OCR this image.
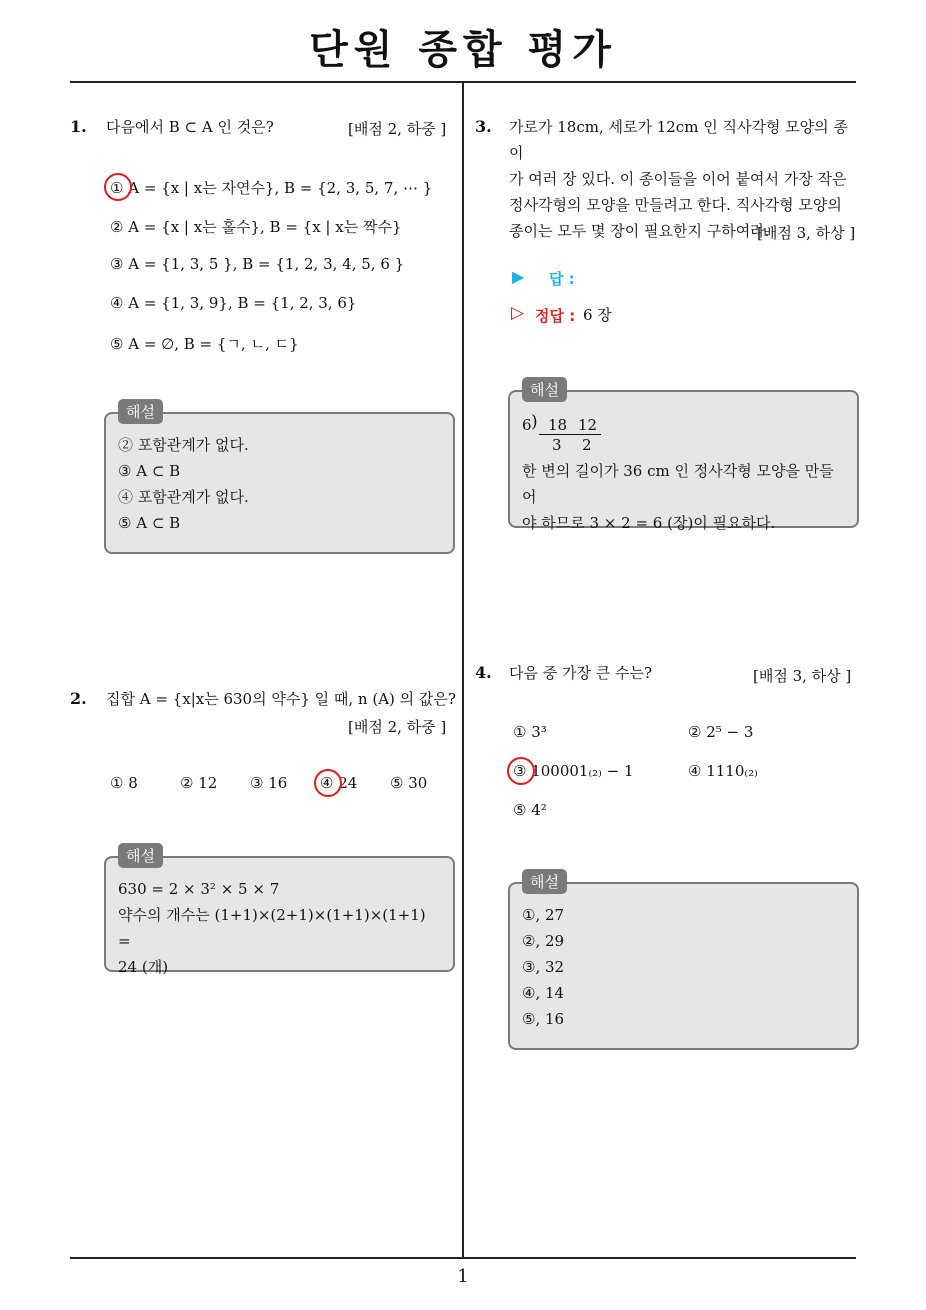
단원 종합 평가
1
1. 다음에서 B ⊂ A 인 것은?	[배점 2, 하중 ]
① A = {x | x는 자연수}, B = {2, 3, 5, 7, ⋯ }
② A = {x | x는 홀수}, B = {x | x는 짝수}
③ A = {1, 3, 5 }, B = {1, 2, 3, 4, 5, 6 }
④ A = {1, 3, 9}, B = {1, 2, 3, 6}
⑤ A = ∅, B = {ㄱ, ㄴ, ㄷ}
② 포함관계가 없다.
③ A ⊂ B
④ 포함관계가 없다.
⑤ A ⊂ B
해설
2. 집합 A = {x|x는 630의 약수} 일 때, n (A) 의 값은?
[배점 2, 하중 ]
① 8	② 12 ③ 16 ④ 24 ⑤ 30
630 = 2 × 3² × 5 × 7
약수의 개수는 (1+1)×(2+1)×(1+1)×(1+1) =
24 (개)
해설
3. 가로가 18cm, 세로가 12cm 인 직사각형 모양의 종이
가 여러 장 있다. 이 종이들을 이어 붙여서 가장 작은
정사각형의 모양을 만들려고 한다. 직사각형 모양의
종이는 모두 몇 장이 필요한지 구하여라.
[배점 3, 하상 ]
▶ 답 :
▷ 정답 : 6 장
6 ) 18 12
3 2
한 변의 길이가 36 cm 인 정사각형 모양을 만들어
야 하므로 3 × 2 = 6 (장)이 필요하다.
해설
4. 다음 중 가장 큰 수는?	[배점 3, 하상 ]
① 3³	② 2⁵ − 3
③ 100001₍₂₎ − 1	④ 1110₍₂₎
⑤ 4²
①, 27
②, 29
③, 32
④, 14
⑤, 16
해설
